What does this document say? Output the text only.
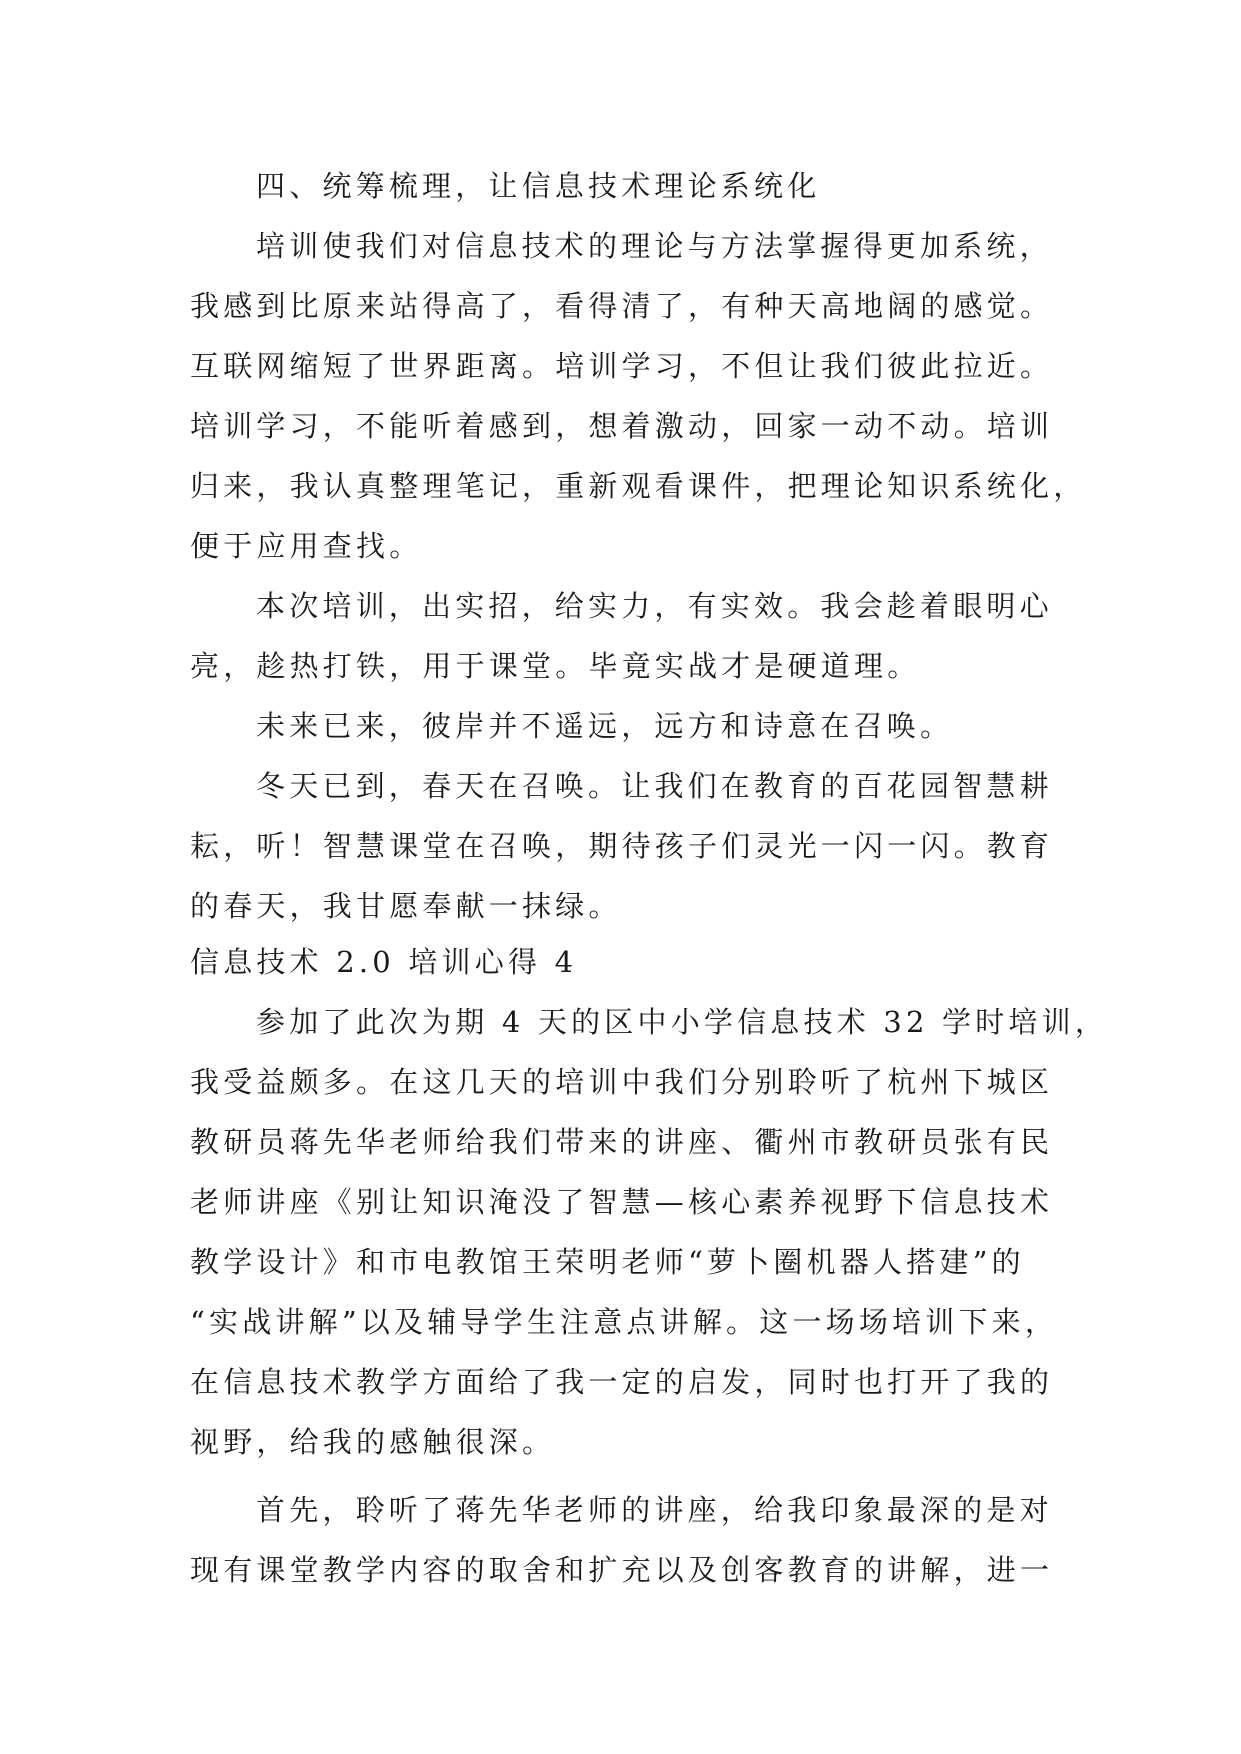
四、统筹梳理，让信息技术理论系统化
培训使我们对信息技术的理论与方法掌握得更加系统，
我感到比原来站得高了，看得清了，有种天高地阔的感觉。
互联网缩短了世界距离。培训学习，不但让我们彼此拉近。
培训学习，不能听着感到，想着激动，回家一动不动。培训
归来，我认真整理笔记，重新观看课件，把理论知识系统化，
便于应用查找。
本次培训，出实招，给实力，有实效。我会趁着眼明心
亮，趁热打铁，用于课堂。毕竟实战才是硬道理。
未来已来，彼岸并不遥远，远方和诗意在召唤。
冬天已到，春天在召唤。让我们在教育的百花园智慧耕
耘，听！智慧课堂在召唤，期待孩子们灵光一闪一闪。教育
的春天，我甘愿奉献一抹绿。
信息技术 2.0 培训心得 4
参加了此次为期 4 天的区中小学信息技术 32 学时培训，
我受益颇多。在这几天的培训中我们分别聆听了杭州下城区
教研员蒋先华老师给我们带来的讲座、衢州市教研员张有民
老师讲座《别让知识淹没了智慧—核心素养视野下信息技术
教学设计》和市电教馆王荣明老师“萝卜圈机器人搭建”的
“实战讲解”以及辅导学生注意点讲解。这一场场培训下来，
在信息技术教学方面给了我一定的启发，同时也打开了我的
视野，给我的感触很深。
首先，聆听了蒋先华老师的讲座，给我印象最深的是对
现有课堂教学内容的取舍和扩充以及创客教育的讲解，进一
